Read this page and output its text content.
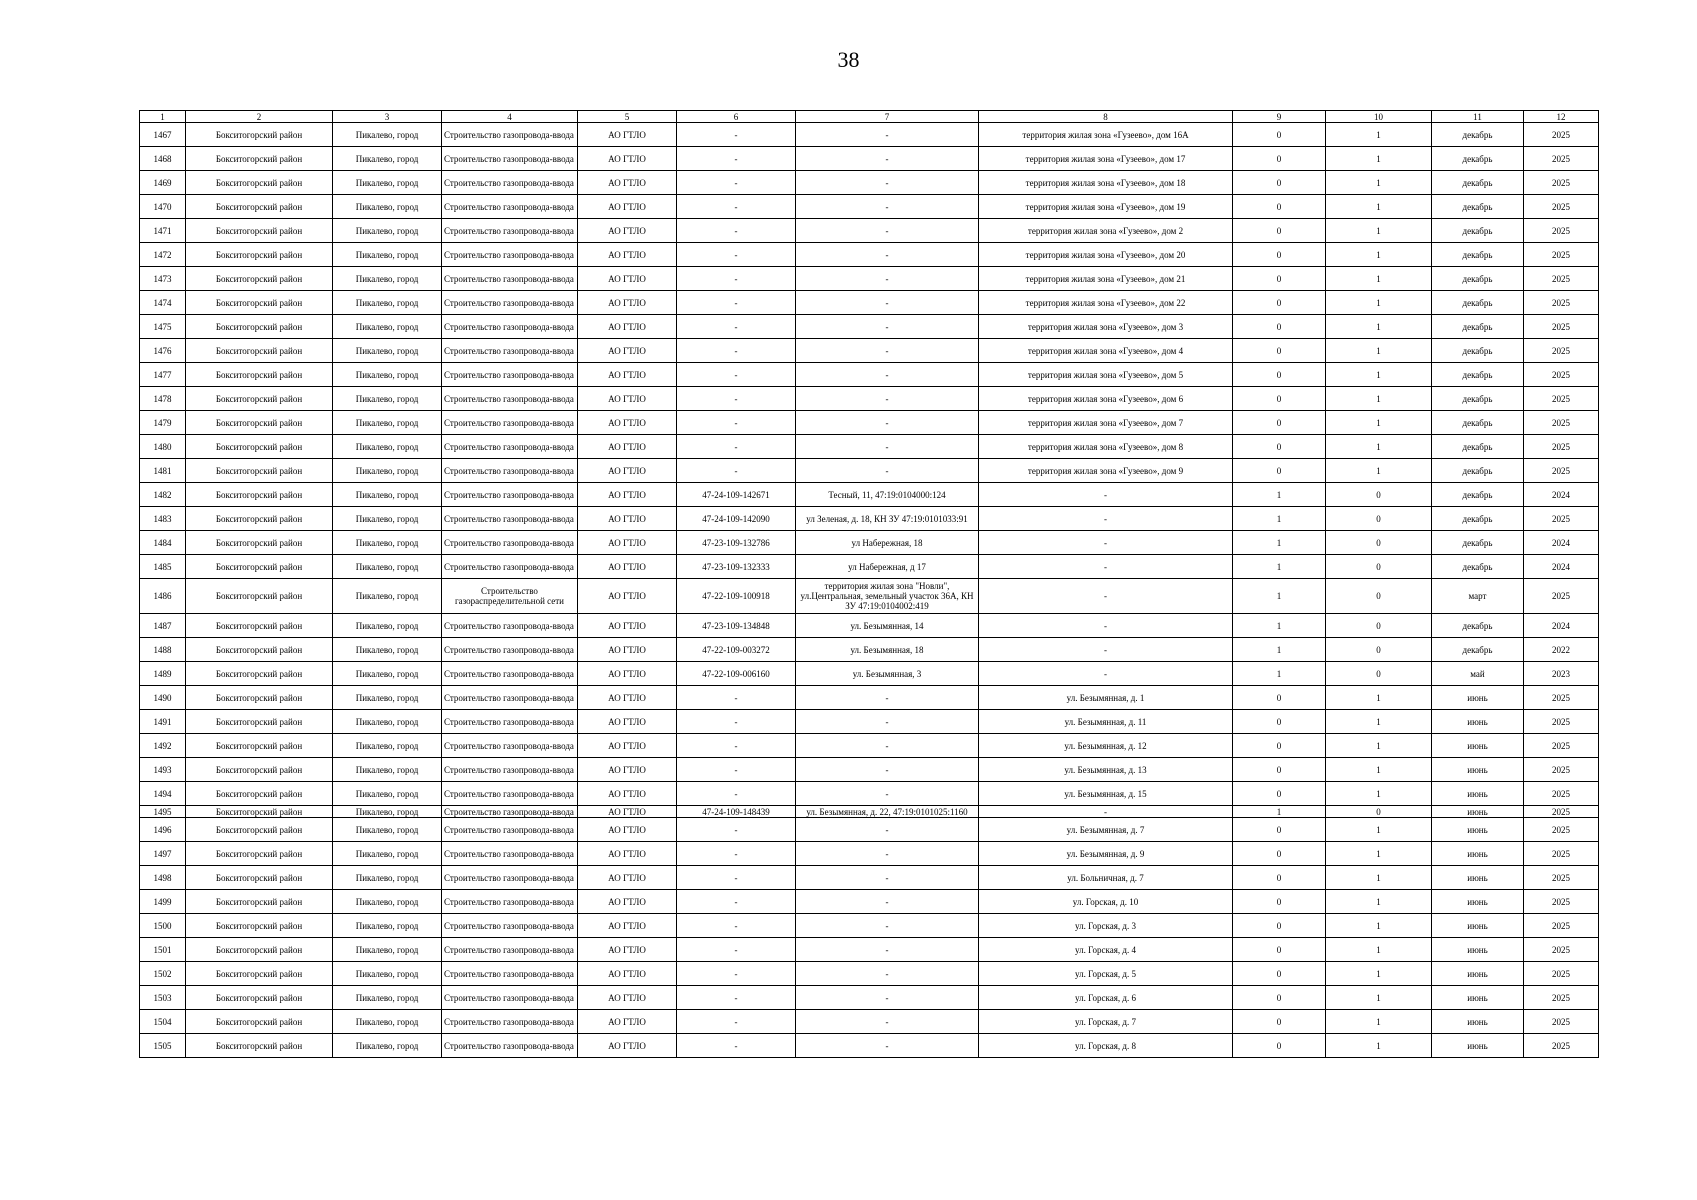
38
1	2	3	4	5	6	7	8	9	10	11	12
1467	Бокситогорский район	Пикалево, город	Строительство газопровода-ввода	АО ГТЛО	-	-	территория жилая зона «Гузеево», дом 16А	0	1	декабрь	2025
1468	Бокситогорский район	Пикалево, город	Строительство газопровода-ввода	АО ГТЛО	-	-	территория жилая зона «Гузеево», дом 17	0	1	декабрь	2025
1469	Бокситогорский район	Пикалево, город	Строительство газопровода-ввода	АО ГТЛО	-	-	территория жилая зона «Гузеево», дом 18	0	1	декабрь	2025
1470	Бокситогорский район	Пикалево, город	Строительство газопровода-ввода	АО ГТЛО	-	-	территория жилая зона «Гузеево», дом 19	0	1	декабрь	2025
1471	Бокситогорский район	Пикалево, город	Строительство газопровода-ввода	АО ГТЛО	-	-	территория жилая зона «Гузеево», дом 2	0	1	декабрь	2025
1472	Бокситогорский район	Пикалево, город	Строительство газопровода-ввода	АО ГТЛО	-	-	территория жилая зона «Гузеево», дом 20	0	1	декабрь	2025
1473	Бокситогорский район	Пикалево, город	Строительство газопровода-ввода	АО ГТЛО	-	-	территория жилая зона «Гузеево», дом 21	0	1	декабрь	2025
1474	Бокситогорский район	Пикалево, город	Строительство газопровода-ввода	АО ГТЛО	-	-	территория жилая зона «Гузеево», дом 22	0	1	декабрь	2025
1475	Бокситогорский район	Пикалево, город	Строительство газопровода-ввода	АО ГТЛО	-	-	территория жилая зона «Гузеево», дом 3	0	1	декабрь	2025
1476	Бокситогорский район	Пикалево, город	Строительство газопровода-ввода	АО ГТЛО	-	-	территория жилая зона «Гузеево», дом 4	0	1	декабрь	2025
1477	Бокситогорский район	Пикалево, город	Строительство газопровода-ввода	АО ГТЛО	-	-	территория жилая зона «Гузеево», дом 5	0	1	декабрь	2025
1478	Бокситогорский район	Пикалево, город	Строительство газопровода-ввода	АО ГТЛО	-	-	территория жилая зона «Гузеево», дом 6	0	1	декабрь	2025
1479	Бокситогорский район	Пикалево, город	Строительство газопровода-ввода	АО ГТЛО	-	-	территория жилая зона «Гузеево», дом 7	0	1	декабрь	2025
1480	Бокситогорский район	Пикалево, город	Строительство газопровода-ввода	АО ГТЛО	-	-	территория жилая зона «Гузеево», дом 8	0	1	декабрь	2025
1481	Бокситогорский район	Пикалево, город	Строительство газопровода-ввода	АО ГТЛО	-	-	территория жилая зона «Гузеево», дом 9	0	1	декабрь	2025
1482	Бокситогорский район	Пикалево, город	Строительство газопровода-ввода	АО ГТЛО	47-24-109-142671	Тесный, 11, 47:19:0104000:124	-	1	0	декабрь	2024
1483	Бокситогорский район	Пикалево, город	Строительство газопровода-ввода	АО ГТЛО	47-24-109-142090	ул Зеленая, д. 18, КН ЗУ 47:19:0101033:91	-	1	0	декабрь	2025
1484	Бокситогорский район	Пикалево, город	Строительство газопровода-ввода	АО ГТЛО	47-23-109-132786	ул Набережная, 18	-	1	0	декабрь	2024
1485	Бокситогорский район	Пикалево, город	Строительство газопровода-ввода	АО ГТЛО	47-23-109-132333	ул Набережная, д 17	-	1	0	декабрь	2024
1486	Бокситогорский район	Пикалево, город	Строительство газораспределительной сети	АО ГТЛО	47-22-109-100918	территория жилая зона "Новли", ул.Центральная, земельный участок 36А, КН ЗУ 47:19:0104002:419	-	1	0	март	2025
1487	Бокситогорский район	Пикалево, город	Строительство газопровода-ввода	АО ГТЛО	47-23-109-134848	ул. Безымянная, 14	-	1	0	декабрь	2024
1488	Бокситогорский район	Пикалево, город	Строительство газопровода-ввода	АО ГТЛО	47-22-109-003272	ул. Безымянная, 18	-	1	0	декабрь	2022
1489	Бокситогорский район	Пикалево, город	Строительство газопровода-ввода	АО ГТЛО	47-22-109-006160	ул. Безымянная, 3	-	1	0	май	2023
1490	Бокситогорский район	Пикалево, город	Строительство газопровода-ввода	АО ГТЛО	-	-	ул. Безымянная, д. 1	0	1	июнь	2025
1491	Бокситогорский район	Пикалево, город	Строительство газопровода-ввода	АО ГТЛО	-	-	ул. Безымянная, д. 11	0	1	июнь	2025
1492	Бокситогорский район	Пикалево, город	Строительство газопровода-ввода	АО ГТЛО	-	-	ул. Безымянная, д. 12	0	1	июнь	2025
1493	Бокситогорский район	Пикалево, город	Строительство газопровода-ввода	АО ГТЛО	-	-	ул. Безымянная, д. 13	0	1	июнь	2025
1494	Бокситогорский район	Пикалево, город	Строительство газопровода-ввода	АО ГТЛО	-	-	ул. Безымянная, д. 15	0	1	июнь	2025
1495	Бокситогорский район	Пикалево, город	Строительство газопровода-ввода	АО ГТЛО	47-24-109-148439	ул. Безымянная, д. 22, 47:19:0101025:1160	-	1	0	июнь	2025
1496	Бокситогорский район	Пикалево, город	Строительство газопровода-ввода	АО ГТЛО	-	-	ул. Безымянная, д. 7	0	1	июнь	2025
1497	Бокситогорский район	Пикалево, город	Строительство газопровода-ввода	АО ГТЛО	-	-	ул. Безымянная, д. 9	0	1	июнь	2025
1498	Бокситогорский район	Пикалево, город	Строительство газопровода-ввода	АО ГТЛО	-	-	ул. Больничная, д. 7	0	1	июнь	2025
1499	Бокситогорский район	Пикалево, город	Строительство газопровода-ввода	АО ГТЛО	-	-	ул. Горская, д. 10	0	1	июнь	2025
1500	Бокситогорский район	Пикалево, город	Строительство газопровода-ввода	АО ГТЛО	-	-	ул. Горская, д. 3	0	1	июнь	2025
1501	Бокситогорский район	Пикалево, город	Строительство газопровода-ввода	АО ГТЛО	-	-	ул. Горская, д. 4	0	1	июнь	2025
1502	Бокситогорский район	Пикалево, город	Строительство газопровода-ввода	АО ГТЛО	-	-	ул. Горская, д. 5	0	1	июнь	2025
1503	Бокситогорский район	Пикалево, город	Строительство газопровода-ввода	АО ГТЛО	-	-	ул. Горская, д. 6	0	1	июнь	2025
1504	Бокситогорский район	Пикалево, город	Строительство газопровода-ввода	АО ГТЛО	-	-	ул. Горская, д. 7	0	1	июнь	2025
1505	Бокситогорский район	Пикалево, город	Строительство газопровода-ввода	АО ГТЛО	-	-	ул. Горская, д. 8	0	1	июнь	2025
